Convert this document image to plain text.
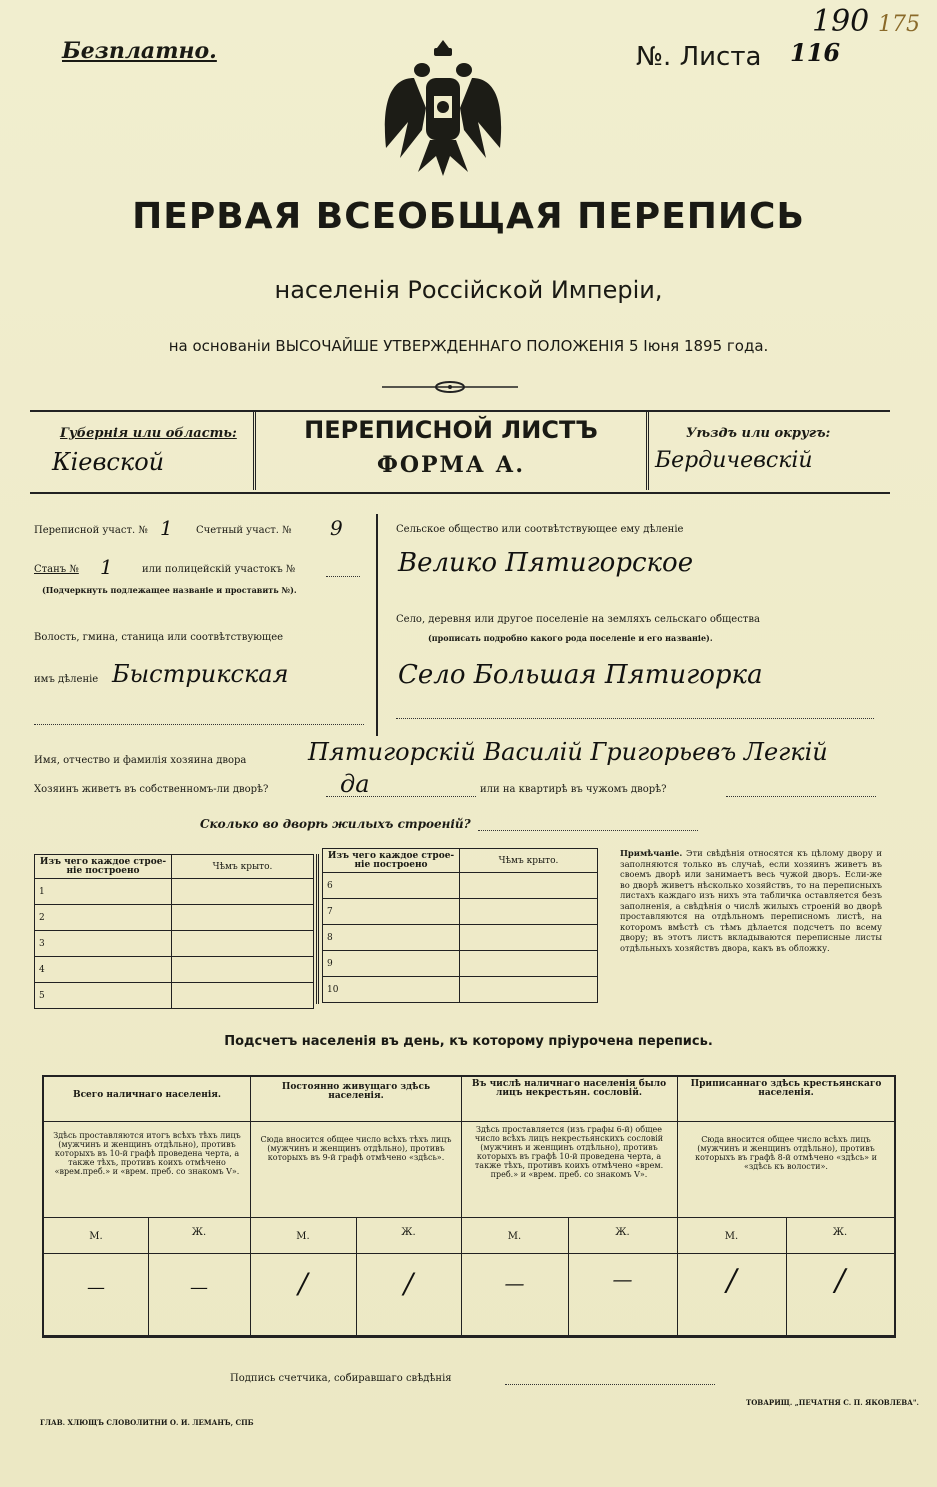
Безплатно.	№. Листа 116
190 175
ПЕРВАЯ ВСЕОБЩАЯ ПЕРЕПИСЬ
населенія Россійской Имперіи,
на основаніи ВЫСОЧАЙШЕ УТВЕРЖДЕННАГО ПОЛОЖЕНІЯ 5 Іюня 1895 года.
Губернія или область:
Кіевской
ПЕРЕПИСНОЙ ЛИСТЪ
ФОРМА А.
Уѣздъ или округъ:
Бердичевскій
Переписной участ. № 1 Счетный участ. № 9
Станъ № 1	или полицейскій участокъ №
(Подчеркнуть подлежащее названіе и проставить №).
Волость, гмина, станица или соотвѣтствующее
имъ дѣленіе Быстрикская
Сельское общество или соотвѣтствующее ему дѣленіе
Велико Пятигорское
Село, деревня или другое поселеніе на земляхъ сельскаго общества
(прописать подробно какого рода поселеніе и его названіе).
Село Большая Пятигорка
Имя, отчество и фамилія хозяина двора	Пятигорскій Василій Григорьевъ Легкій
Хозяинъ живетъ въ собственномъ-ли дворѣ?	да	или на квартирѣ въ чужомъ дворѣ?
Сколько во дворѣ жилыхъ строеній?
Изъ чего каждое строе-ніе построено	Чѣмъ крыто.
1	
2	
3	
4	
5	
Изъ чего каждое строе-ніе построено	Чѣмъ крыто.
6	
7	
8	
9	
10	
Примѣчаніе. Эти свѣдѣнія относятся къ цѣлому двору и заполняются только въ случаѣ, если хозяинъ живетъ въ своемъ дворѣ или занимаетъ весь чужой дворъ. Если-же во дворѣ живетъ нѣсколько хозяйствъ, то на переписныхъ листахъ каждаго изъ нихъ эта табличка оставляется безъ заполненія, а свѣдѣнія о числѣ жилыхъ строеній во дворѣ проставляются на отдѣльномъ переписномъ листѣ, на которомъ вмѣстѣ съ тѣмъ дѣлается подсчетъ по всему двору; въ этотъ листъ вкладываются переписные листы отдѣльныхъ хозяйствъ двора, какъ въ обложку.
Подсчетъ населенія въ день, къ которому пріурочена перепись.
Всего наличнаго населенія.
Постоянно живущаго здѣсь населенія.
Въ числѣ наличнаго населенія было лицъ некрестьян. сословій.
Приписаннаго здѣсь крестьянскаго населенія.
Здѣсь проставляются итогъ всѣхъ тѣхъ лицъ (мужчинъ и женщинъ отдѣльно), противъ которыхъ въ 10-й графѣ проведена черта, а также тѣхъ, противъ коихъ отмѣчено «врем.преб.» и «врем. преб. со знакомъ V».
Сюда вносится общее число всѣхъ тѣхъ лицъ (мужчинъ и женщинъ отдѣльно), противъ которыхъ въ 9-й графѣ отмѣчено «здѣсь».
Здѣсь проставляется (изъ графы 6-й) общее число всѣхъ лицъ некрестьянскихъ сословій (мужчинъ и женщинъ отдѣльно), противъ которыхъ въ графѣ 10-й проведена черта, а также тѣхъ, противъ коихъ отмѣчено «врем. преб.» и «врем. преб. со знакомъ V».
Сюда вносится общее число всѣхъ лицъ (мужчинъ и женщинъ отдѣльно), противъ которыхъ въ графѣ 8-й отмѣчено «здѣсь» и «здѣсь къ волости».
М.	Ж.	М.	Ж.	М.	Ж.	М.	Ж.
—	—	/	/	—	—	/	/
Подпись счетчика, собиравшаго свѣдѣнія
ГЛАВ. ХЛЮЩЪ СЛОВОЛИТНИ О. И. ЛЕМАНЪ, СПБ
ТОВАРИЩ. „ПЕЧАТНЯ С. П. ЯКОВЛЕВА".
